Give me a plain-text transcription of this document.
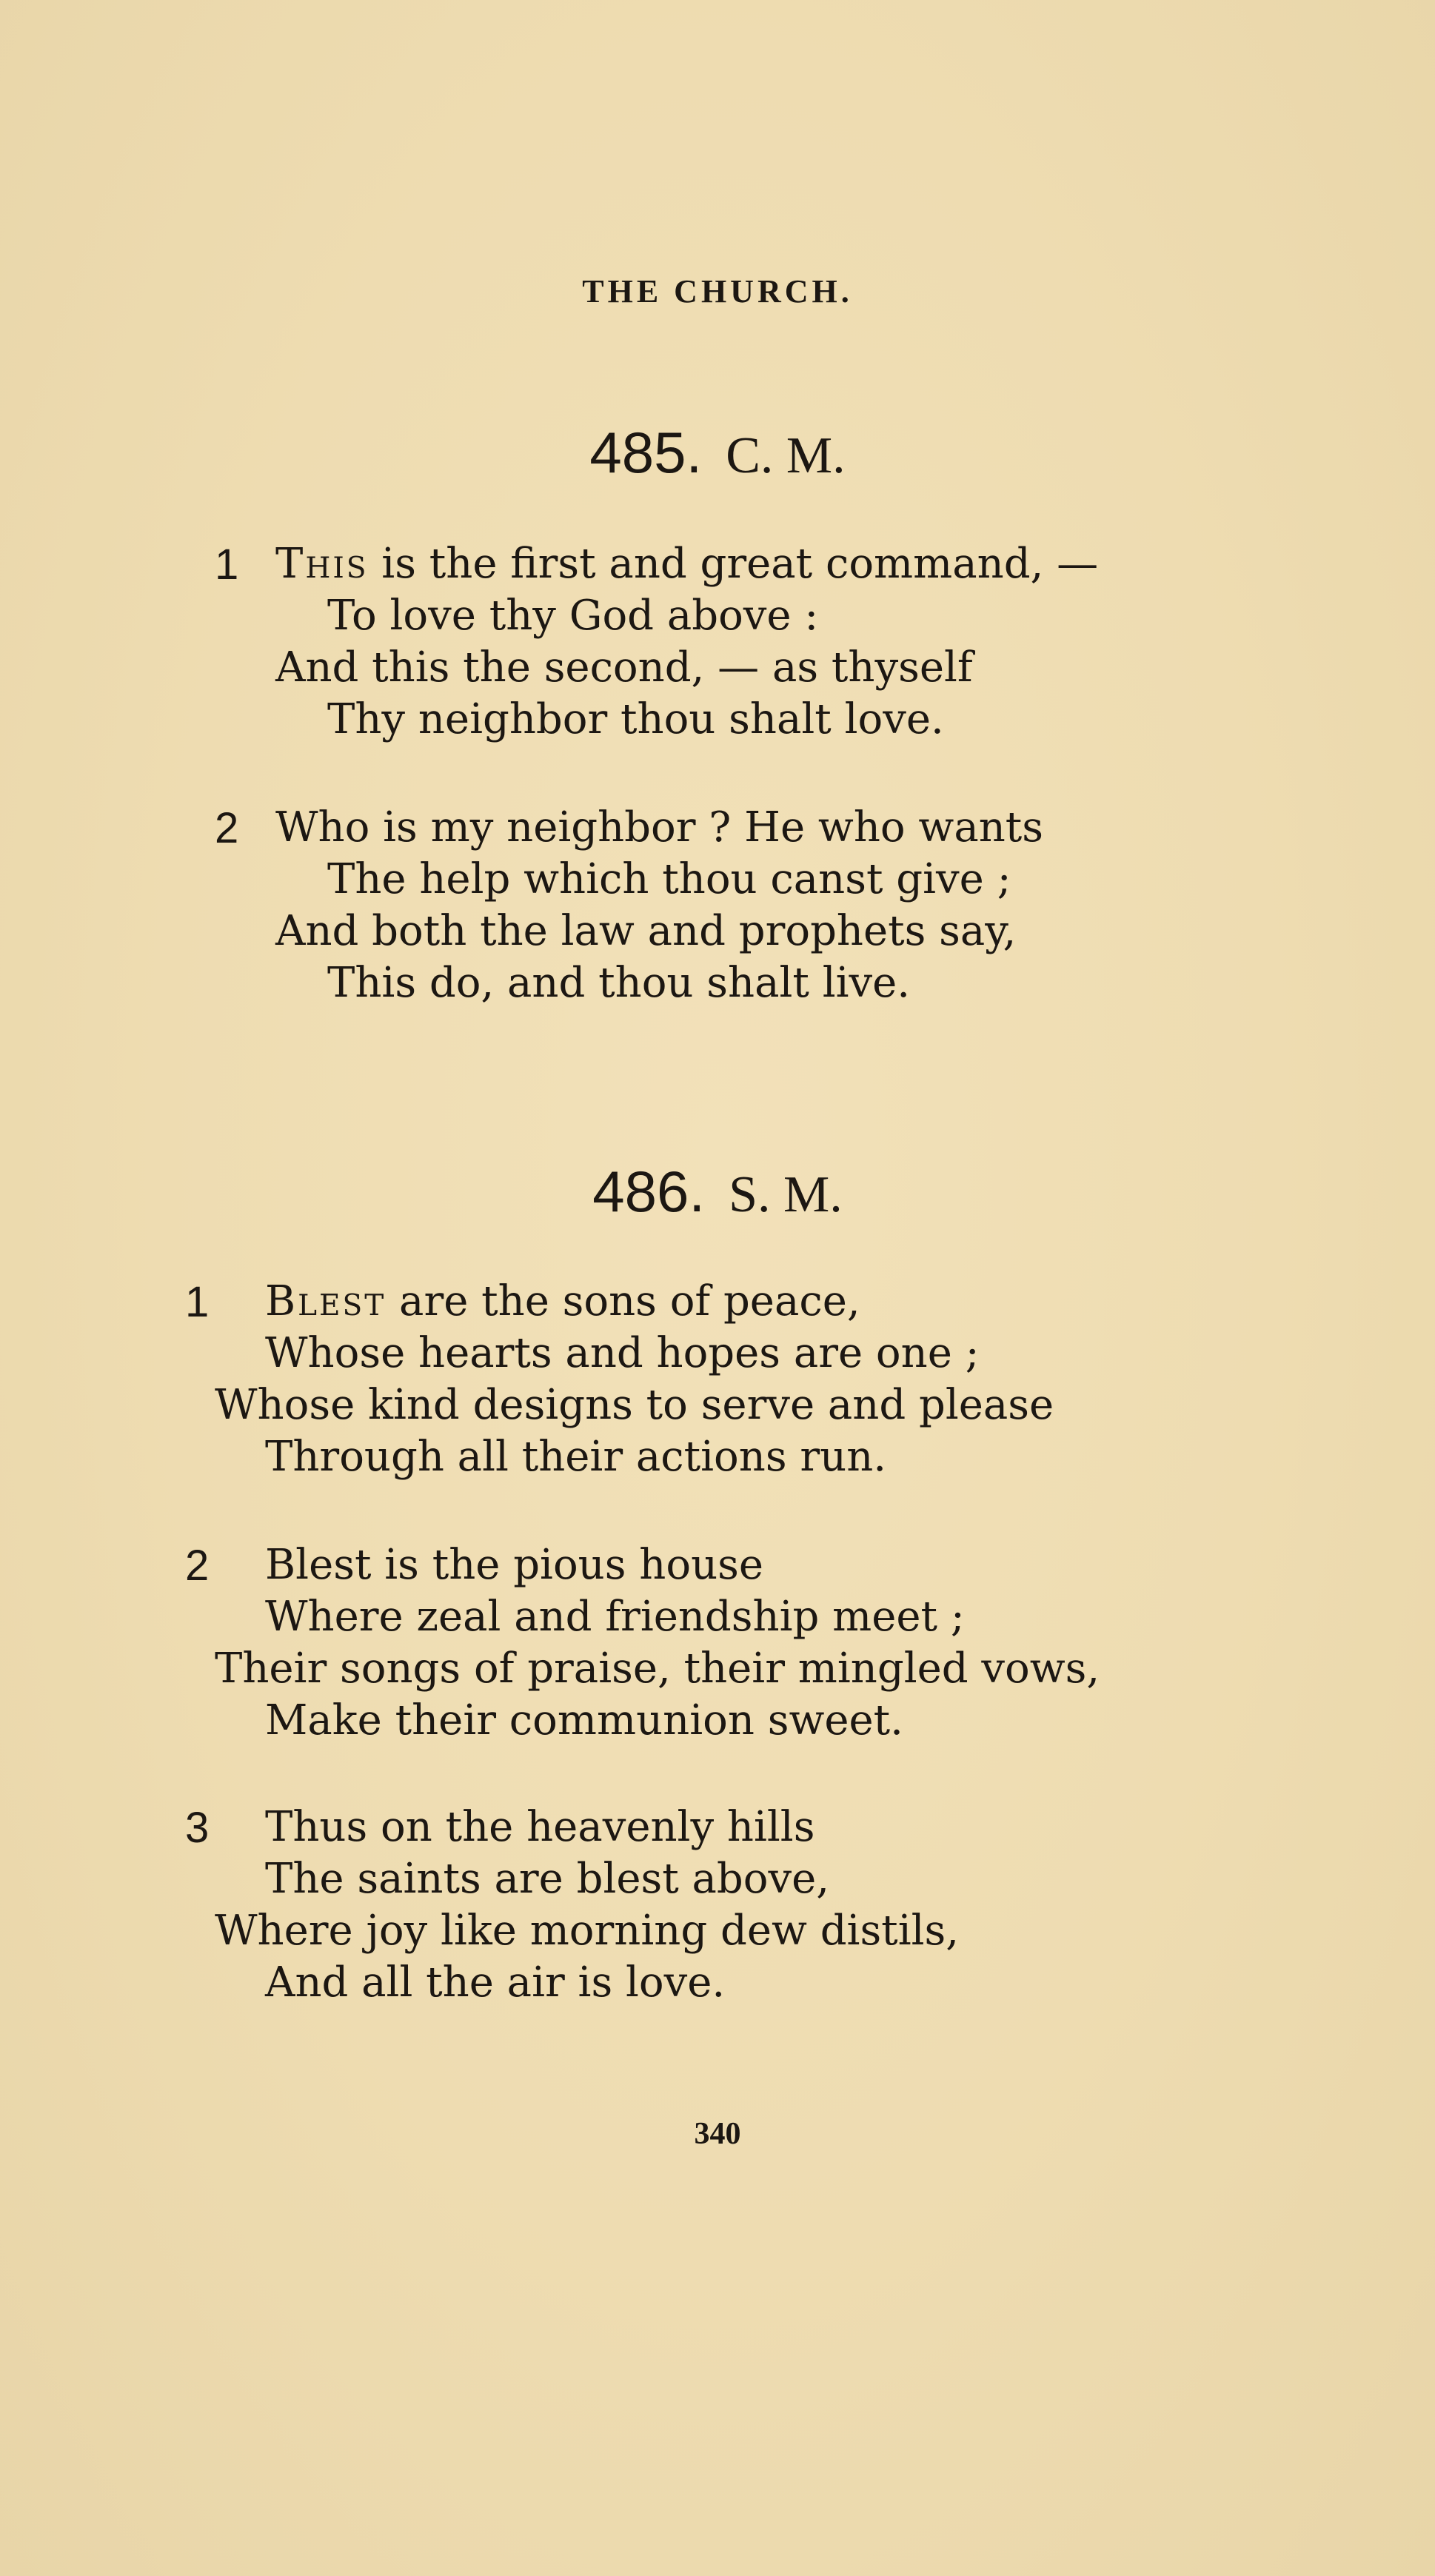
THE CHURCH.
485. C. M.
1 This is the first and great command, —
To love thy God above :
And this the second, — as thyself
Thy neighbor thou shalt love.
2 Who is my neighbor ? He who wants
The help which thou canst give ;
And both the law and prophets say,
This do, and thou shalt live.
486. S. M.
1 Blest are the sons of peace,
Whose hearts and hopes are one ;
Whose kind designs to serve and please
Through all their actions run.
2 Blest is the pious house
Where zeal and friendship meet ;
Their songs of praise, their mingled vows,
Make their communion sweet.
3 Thus on the heavenly hills
The saints are blest above,
Where joy like morning dew distils,
And all the air is love.
340
